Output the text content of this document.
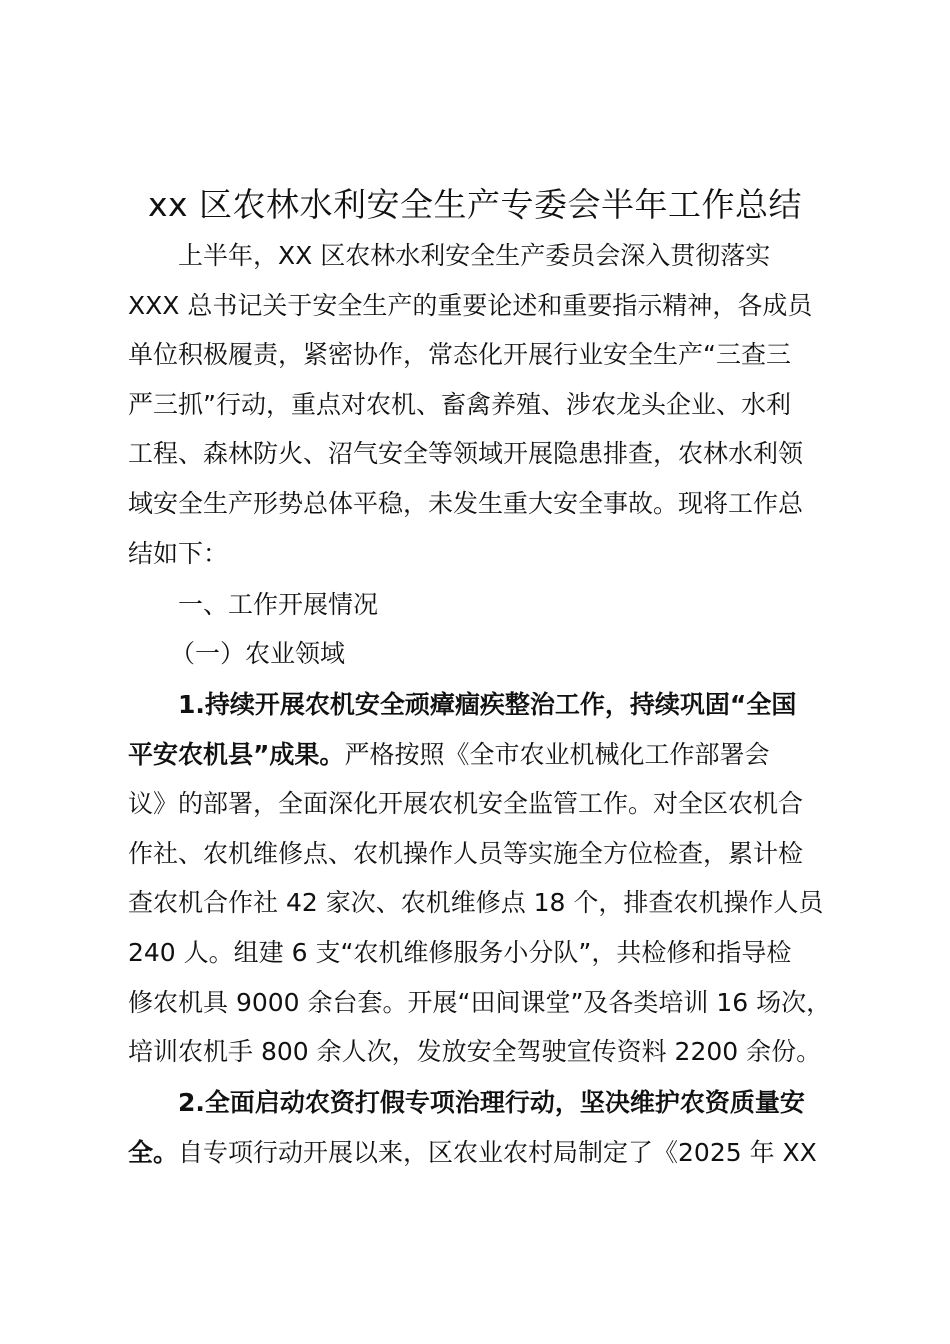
xx 区农林水利安全生产专委会半年工作总结
上半年，XX 区农林水利安全生产委员会深入贯彻落实
XXX 总书记关于安全生产的重要论述和重要指示精神，各成员
单位积极履责，紧密协作，常态化开展行业安全生产“三查三
严三抓”行动，重点对农机、畜禽养殖、涉农龙头企业、水利
工程、森林防火、沼气安全等领域开展隐患排查，农林水利领
域安全生产形势总体平稳，未发生重大安全事故。现将工作总
结如下：

一、工作开展情况

（一）农业领域

1.持续开展农机安全顽瘴痼疾整治工作，持续巩固“全国
平安农机县”成果。严格按照《全市农业机械化工作部署会
议》的部署，全面深化开展农机安全监管工作。对全区农机合
作社、农机维修点、农机操作人员等实施全方位检查，累计检
查农机合作社 42 家次、农机维修点 18 个，排查农机操作人员
240 人。组建 6 支“农机维修服务小分队”，共检修和指导检
修农机具 9000 余台套。开展“田间课堂”及各类培训 16 场次，
培训农机手 800 余人次，发放安全驾驶宣传资料 2200 余份。
2.全面启动农资打假专项治理行动，坚决维护农资质量安
全。自专项行动开展以来，区农业农村局制定了《2025 年 XX
